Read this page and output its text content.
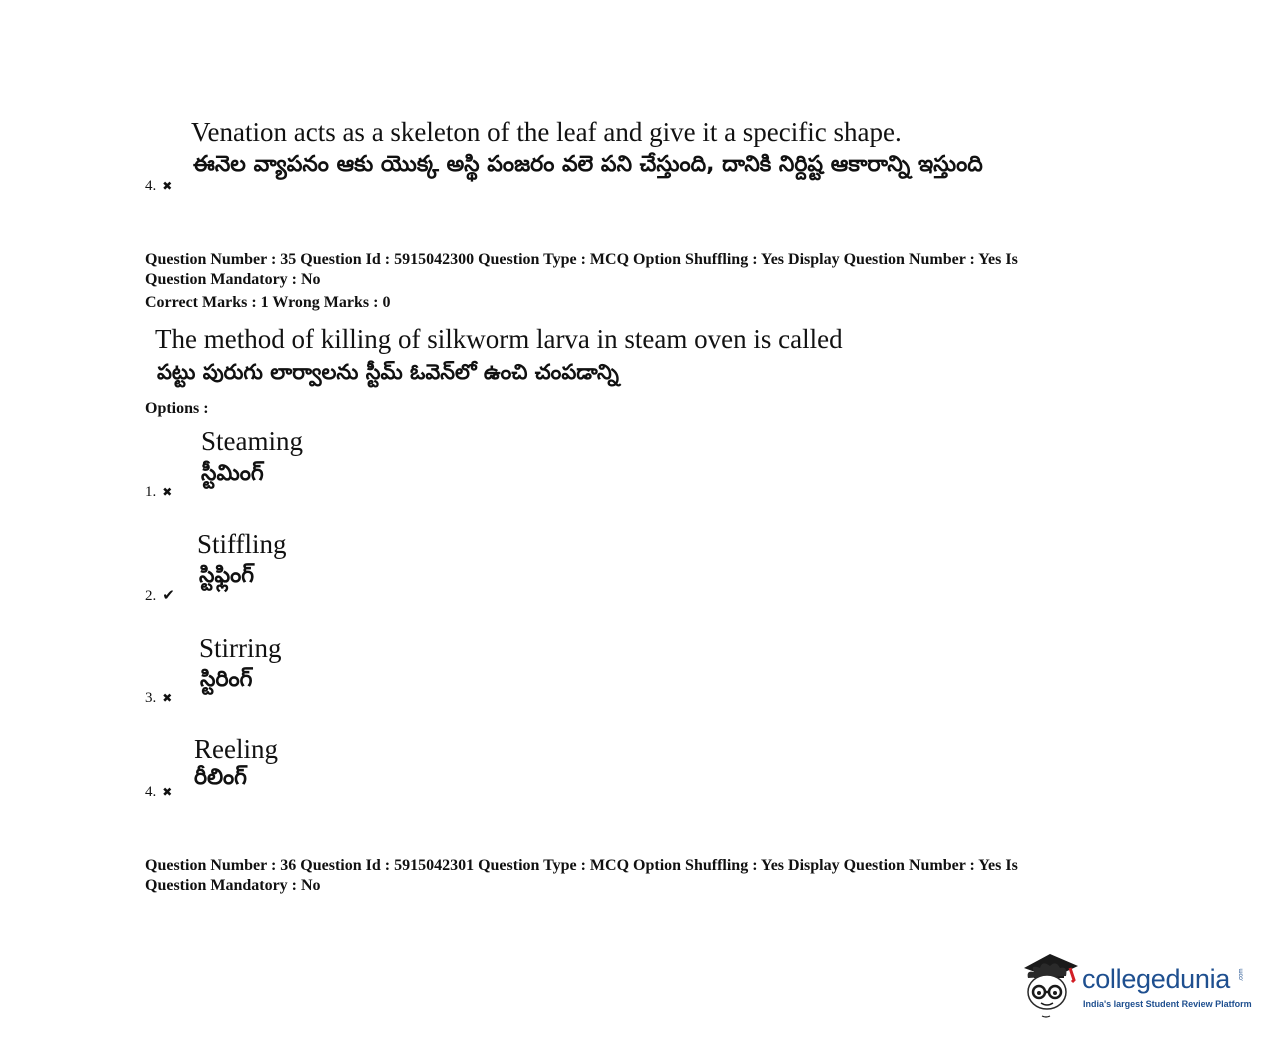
Venation acts as a skeleton of the leaf and give it a specific shape.
ఈనెల వ్యాపనం ఆకు యొక్క అస్థి పంజరం వలె పని చేస్తుంది, దానికి నిర్దిష్ట ఆకారాన్ని ఇస్తుంది
4. ✖
Question Number : 35 Question Id : 5915042300 Question Type : MCQ Option Shuffling : Yes Display Question Number : Yes Is
Question Mandatory : No
Correct Marks : 1 Wrong Marks : 0
The method of killing of silkworm larva in steam oven is called
పట్టు పురుగు లార్వాలను స్టీమ్ ఓవెన్‌లో ఉంచి చంపడాన్ని
Options :
Steaming
స్టీమింగ్
1. ✖
Stiffling
స్టిఫ్లింగ్
2. ✔
Stirring
స్టిరింగ్
3. ✖
Reeling
రీలింగ్
4. ✖
Question Number : 36 Question Id : 5915042301 Question Type : MCQ Option Shuffling : Yes Display Question Number : Yes Is
Question Mandatory : No
collegedunia .com
India's largest Student Review Platform
